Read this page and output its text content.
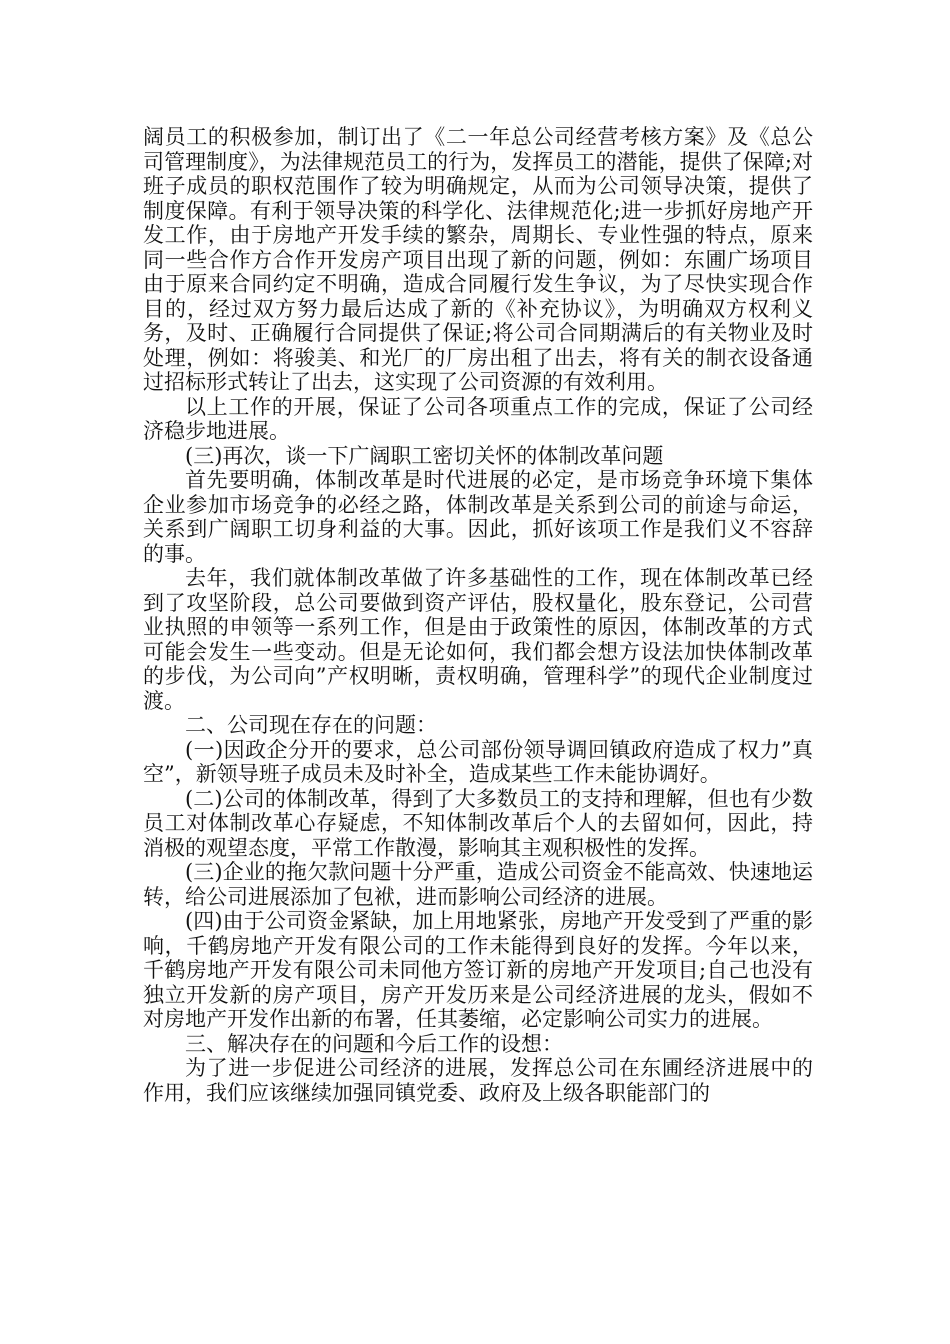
阔员工的积极参加，制订出了《二一年总公司经营考核方案》及《总公司管理制度》，为法律规范员工的行为，发挥员工的潜能，提供了保障;对班子成员的职权范围作了较为明确规定，从而为公司领导决策，提供了制度保障。有利于领导决策的科学化、法律规范化;进一步抓好房地产开发工作，由于房地产开发手续的繁杂，周期长、专业性强的特点，原来同一些合作方合作开发房产项目出现了新的问题，例如：东圃广场项目由于原来合同约定不明确，造成合同履行发生争议，为了尽快实现合作目的，经过双方努力最后达成了新的《补充协议》，为明确双方权利义务，及时、正确履行合同提供了保证;将公司合同期满后的有关物业及时处理，例如：将骏美、和光厂的厂房出租了出去，将有关的制衣设备通过招标形式转让了出去，这实现了公司资源的有效利用。

以上工作的开展，保证了公司各项重点工作的完成，保证了公司经济稳步地进展。

(三)再次，谈一下广阔职工密切关怀的体制改革问题

首先要明确，体制改革是时代进展的必定，是市场竞争环境下集体企业参加市场竞争的必经之路，体制改革是关系到公司的前途与命运，关系到广阔职工切身利益的大事。因此，抓好该项工作是我们义不容辞的事。

去年，我们就体制改革做了许多基础性的工作，现在体制改革已经到了攻坚阶段，总公司要做到资产评估，股权量化，股东登记，公司营业执照的申领等一系列工作，但是由于政策性的原因，体制改革的方式可能会发生一些变动。但是无论如何，我们都会想方设法加快体制改革的步伐，为公司向”产权明晰，责权明确，管理科学”的现代企业制度过渡。

二、公司现在存在的问题：

(一)因政企分开的要求，总公司部份领导调回镇政府造成了权力”真空”，新领导班子成员未及时补全，造成某些工作未能协调好。

(二)公司的体制改革，得到了大多数员工的支持和理解，但也有少数员工对体制改革心存疑虑，不知体制改革后个人的去留如何，因此，持消极的观望态度，平常工作散漫，影响其主观积极性的发挥。

(三)企业的拖欠款问题十分严重，造成公司资金不能高效、快速地运转，给公司进展添加了包袱，进而影响公司经济的进展。

(四)由于公司资金紧缺，加上用地紧张，房地产开发受到了严重的影响，千鹤房地产开发有限公司的工作未能得到良好的发挥。今年以来，千鹤房地产开发有限公司未同他方签订新的房地产开发项目;自己也没有独立开发新的房产项目，房产开发历来是公司经济进展的龙头，假如不对房地产开发作出新的布署，任其萎缩，必定影响公司实力的进展。

三、解决存在的问题和今后工作的设想：

为了进一步促进公司经济的进展，发挥总公司在东圃经济进展中的作用，我们应该继续加强同镇党委、政府及上级各职能部门的
